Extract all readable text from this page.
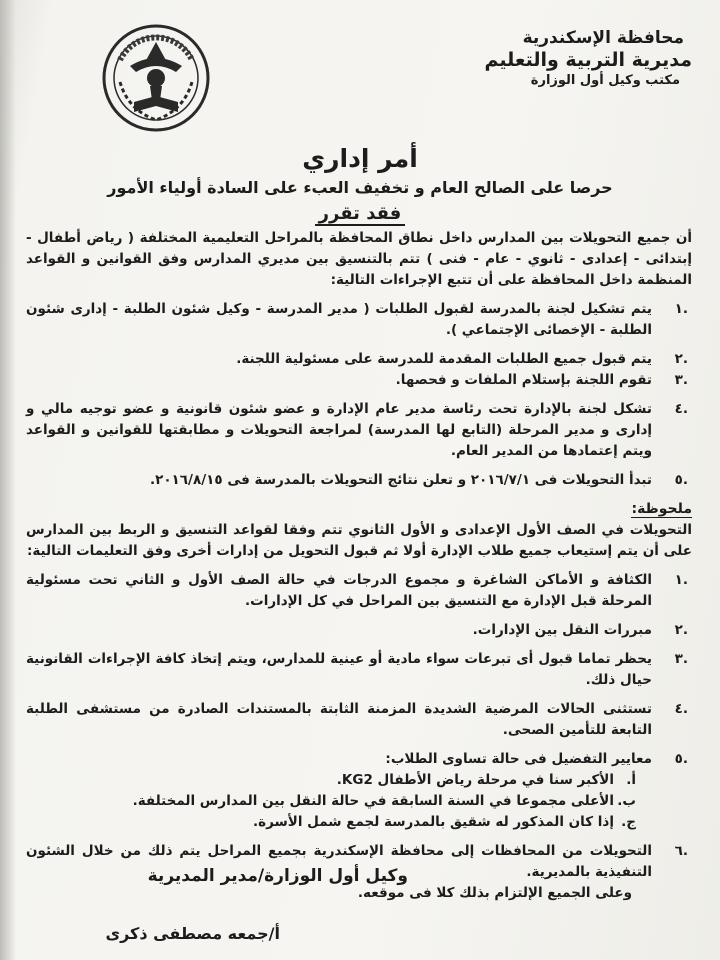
محافظة الإسكندرية
مديرية التربية والتعليم
مكتب وكيل أول الوزارة
أمر إداري
حرصا على الصالح العام و تخفيف العبء على السادة أولياء الأمور
فقد تقرر

أن جميع التحويلات بين المدارس داخل نطاق المحافظة بالمراحل التعليمية المختلفة ( رياض أطفال - إبتدائى - إعدادى - ثانوي - عام - فنى ) تتم بالتنسيق بين مديري المدارس وفق القوانين و القواعد المنظمة داخل المحافظة على أن تتبع الإجراءات التالية:

.١
يتم تشكيل لجنة بالمدرسة لقبول الطلبات ( مدير المدرسة - وكيل شئون الطلبة - إدارى شئون الطلبة - الإخصائى الإجتماعي ).
.٢
يتم قبول جميع الطلبات المقدمة للمدرسة على مسئولية اللجنة.
.٣
تقوم اللجنة بإستلام الملفات و فحصها.
.٤
تشكل لجنة بالإدارة تحت رئاسة مدير عام الإدارة و عضو شئون قانونية و عضو توجيه مالي و إدارى و مدير المرحلة (التابع لها المدرسة) لمراجعة التحويلات و مطابقتها للقوانين و القواعد ويتم إعتمادها من المدير العام.
.٥
تبدأ التحويلات فى ٢٠١٦/٧/١ و تعلن نتائج التحويلات بالمدرسة فى ٢٠١٦/٨/١٥.
ملحوظة:

التحويلات في الصف الأول الإعدادى و الأول الثانوي تتم وفقا لقواعد التنسيق و الربط بين المدارس على أن يتم إستيعاب جميع طلاب الإدارة أولا ثم قبول التحويل من إدارات أخرى وفق التعليمات التالية:

.١
الكثافة و الأماكن الشاغرة و مجموع الدرجات في حالة الصف الأول و الثاني تحت مسئولية المرحلة قبل الإدارة مع التنسيق بين المراحل في كل الإدارات.
.٢
مبررات النقل بين الإدارات.
.٣
يحظر تماما قبول أى تبرعات سواء مادية أو عينية للمدارس، ويتم إتخاذ كافة الإجراءات القانونية حيال ذلك.
.٤
تستثنى الحالات المرضية الشديدة المزمنة الثابتة بالمستندات الصادرة من مستشفى الطلبة التابعة للتأمين الصحى.
.٥
معايير التفضيل فى حالة تساوى الطلاب:
أ.
الأكبر سنا في مرحلة رياض الأطفال KG2.
ب.
الأعلى مجموعا في السنة السابقة في حالة النقل بين المدارس المختلفة.
ج.
إذا كان المذكور له شقيق بالمدرسة لجمع شمل الأسرة.
.٦
التحويلات من المحافظات إلى محافظة الإسكندرية بجميع المراحل يتم ذلك من خلال الشئون التنفيذية بالمديرية.

وعلى الجميع الإلتزام بذلك كلا فى موقعه.

وكيل أول الوزارة/مدير المديرية
أ/جمعه مصطفى ذكرى
